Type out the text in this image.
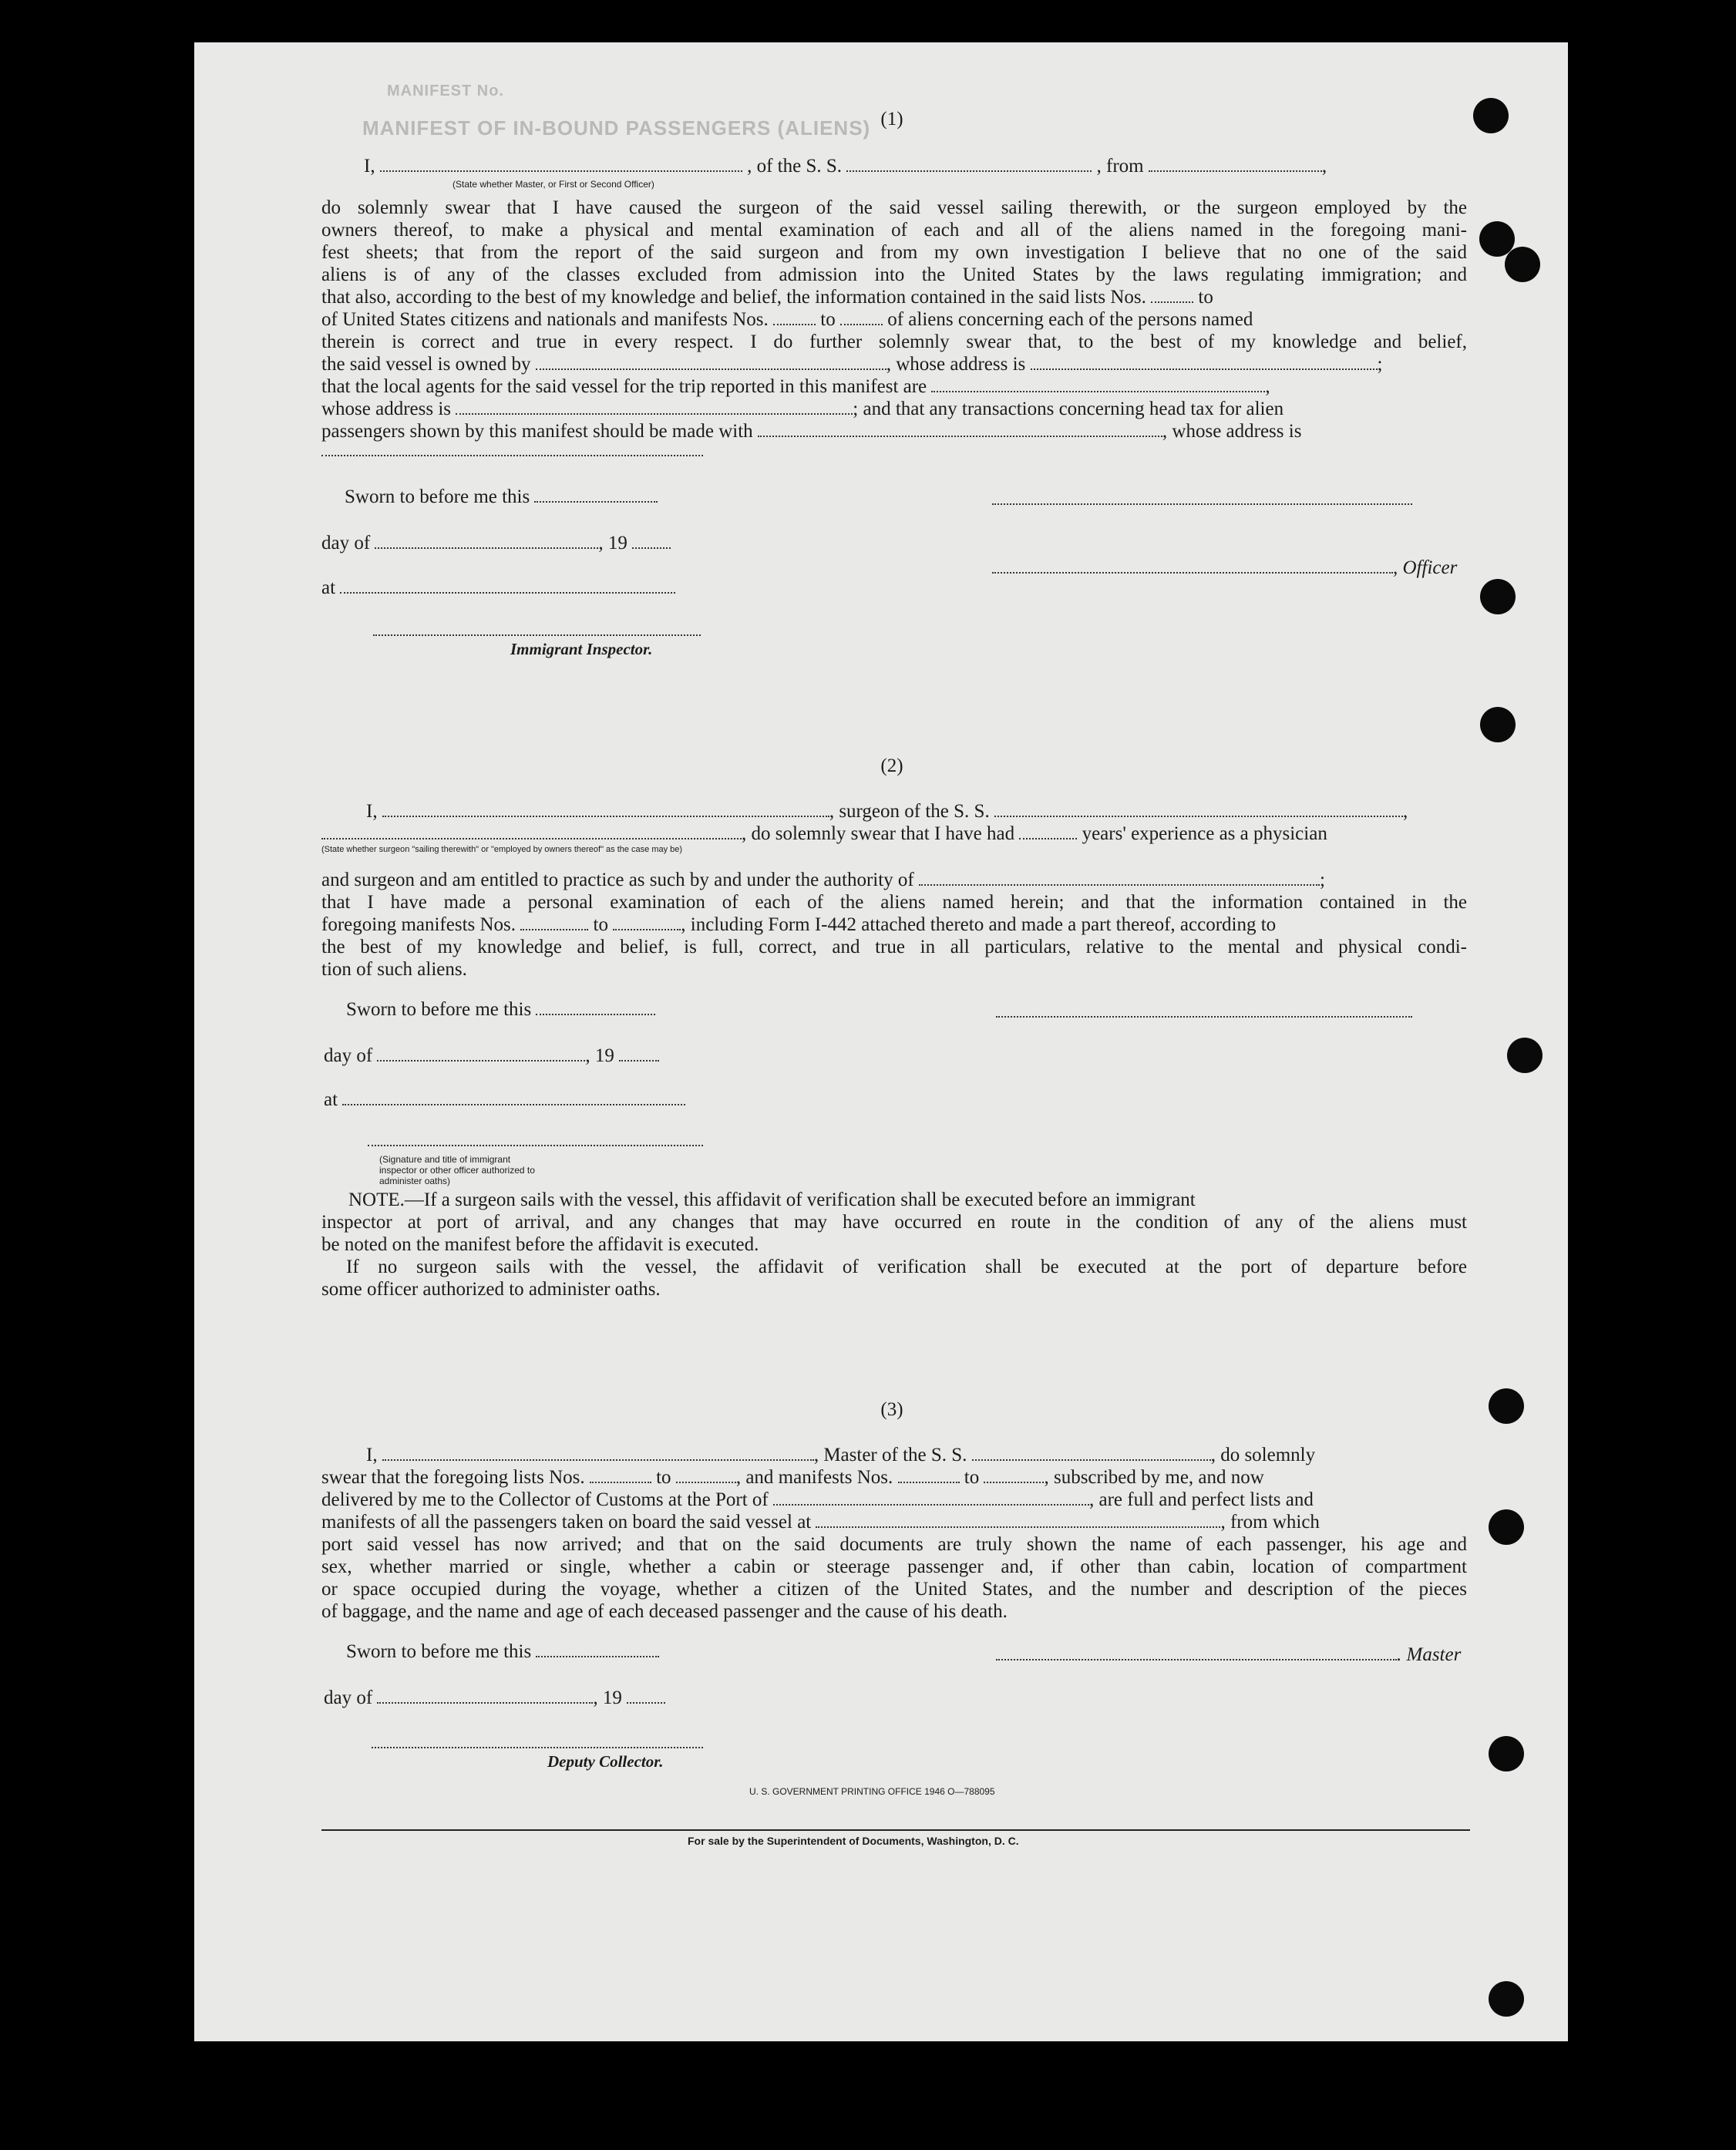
MANIFEST No.
MANIFEST OF IN-BOUND PASSENGERS (ALIENS) (1)
I,	, of the S. S.	, from	,
(State whether Master, or First or Second Officer)
do solemnly swear that I have caused the surgeon of the said vessel sailing therewith, or the surgeon employed by the
owners thereof, to make a physical and mental examination of each and all of the aliens named in the foregoing mani-
fest sheets; that from the report of the said surgeon and from my own investigation I believe that no one of the said
aliens is of any of the classes excluded from admission into the United States by the laws regulating immigration; and
that also, according to the best of my knowledge and belief, the information contained in the said lists Nos.	to
of United States citizens and nationals and manifests Nos.	to	of aliens concerning each of the persons named
therein is correct and true in every respect. I do further solemnly swear that, to the best of my knowledge and belief,
the said vessel is owned by	, whose address is	;
that the local agents for the said vessel for the trip reported in this manifest are	,
whose address is	; and that any transactions concerning head tax for alien
passengers shown by this manifest should be made with	, whose address is
Sworn to before me this
day of	, 19
, Officer
at
Immigrant Inspector.
(2)
I,	, surgeon of the S. S.	,
, do solemnly swear that I have had	years' experience as a physician
(State whether surgeon "sailing therewith" or "employed by owners thereof" as the case may be)
and surgeon and am entitled to practice as such by and under the authority of	;
that I have made a personal examination of each of the aliens named herein; and that the information contained in the
foregoing manifests Nos.	to	, including Form I-442 attached thereto and made a part thereof, according to
the best of my knowledge and belief, is full, correct, and true in all particulars, relative to the mental and physical condi-
tion of such aliens.
Sworn to before me this
day of	, 19
at
(Signature and title of immigrant inspector or other officer authorized to administer oaths)
NOTE.—If a surgeon sails with the vessel, this affidavit of verification shall be executed before an immigrant
inspector at port of arrival, and any changes that may have occurred en route in the condition of any of the aliens must
be noted on the manifest before the affidavit is executed.
If no surgeon sails with the vessel, the affidavit of verification shall be executed at the port of departure before
some officer authorized to administer oaths.
(3)
I,	, Master of the S. S.	, do solemnly
swear that the foregoing lists Nos.	to	, and manifests Nos.	to	, subscribed by me, and now
delivered by me to the Collector of Customs at the Port of	, are full and perfect lists and
manifests of all the passengers taken on board the said vessel at	, from which
port said vessel has now arrived; and that on the said documents are truly shown the name of each passenger, his age and
sex, whether married or single, whether a cabin or steerage passenger and, if other than cabin, location of compartment
or space occupied during the voyage, whether a citizen of the United States, and the number and description of the pieces
of baggage, and the name and age of each deceased passenger and the cause of his death.
Sworn to before me this	. Master
day of	, 19
Deputy Collector.
U. S. GOVERNMENT PRINTING OFFICE 1946 O—788095
For sale by the Superintendent of Documents, Washington, D. C.
